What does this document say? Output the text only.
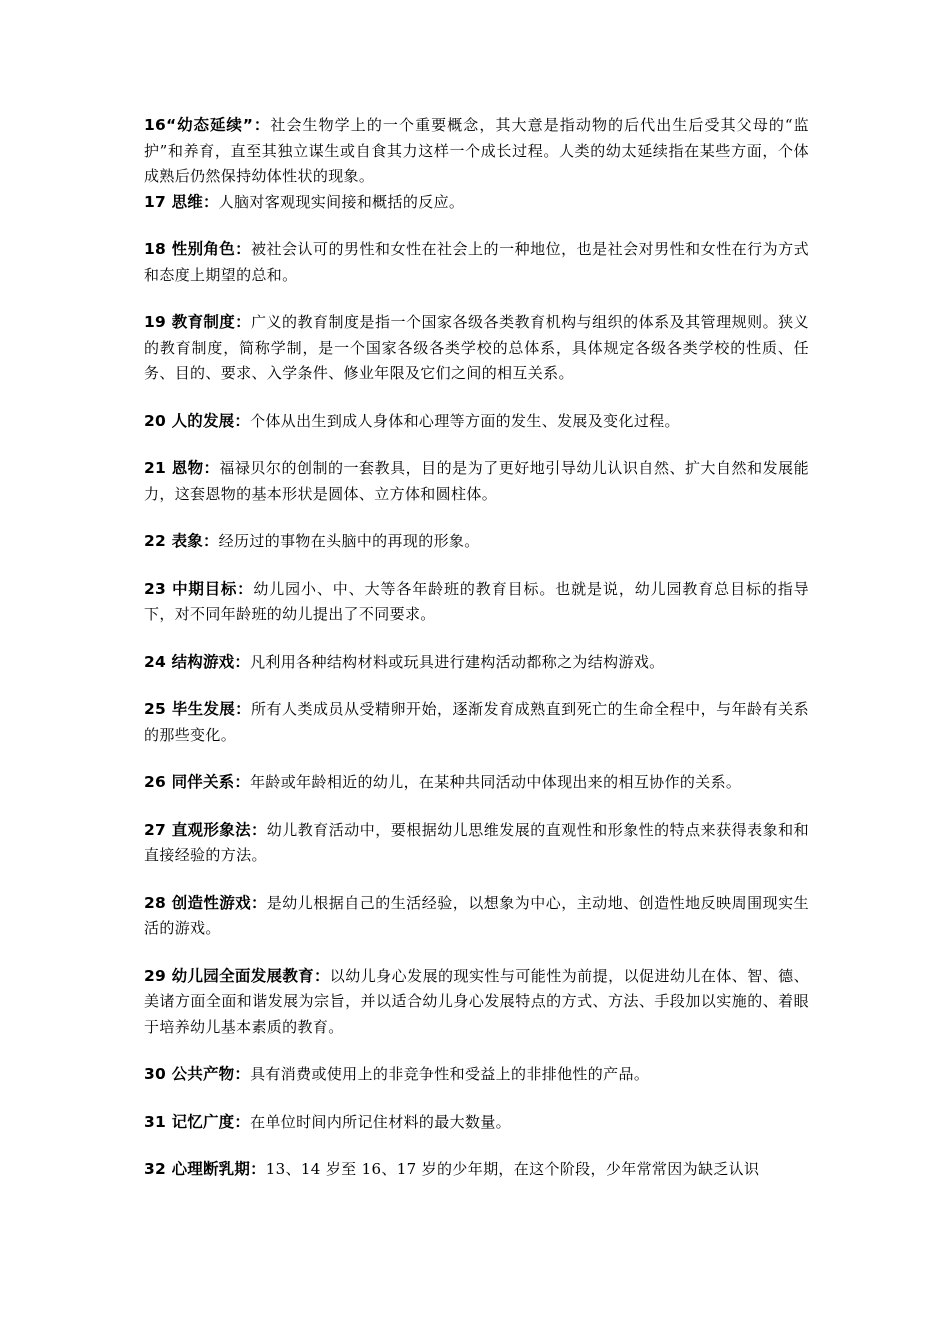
16“幼态延续”：社会生物学上的一个重要概念，其大意是指动物的后代出生后受其父母的“监护”和养育，直至其独立谋生或自食其力这样一个成长过程。人类的幼太延续指在某些方面，个体成熟后仍然保持幼体性状的现象。

17 思维：人脑对客观现实间接和概括的反应。

18 性别角色：被社会认可的男性和女性在社会上的一种地位，也是社会对男性和女性在行为方式和态度上期望的总和。

19 教育制度：广义的教育制度是指一个国家各级各类教育机构与组织的体系及其管理规则。狭义的教育制度，简称学制，是一个国家各级各类学校的总体系，具体规定各级各类学校的性质、任务、目的、要求、入学条件、修业年限及它们之间的相互关系。

20 人的发展：个体从出生到成人身体和心理等方面的发生、发展及变化过程。

21 恩物：福禄贝尔的创制的一套教具，目的是为了更好地引导幼儿认识自然、扩大自然和发展能力，这套恩物的基本形状是圆体、立方体和圆柱体。

22 表象：经历过的事物在头脑中的再现的形象。

23 中期目标：幼儿园小、中、大等各年龄班的教育目标。也就是说，幼儿园教育总目标的指导下，对不同年龄班的幼儿提出了不同要求。

24 结构游戏：凡利用各种结构材料或玩具进行建构活动都称之为结构游戏。

25 毕生发展：所有人类成员从受精卵开始，逐渐发育成熟直到死亡的生命全程中，与年龄有关系的那些变化。

26 同伴关系：年龄或年龄相近的幼儿，在某种共同活动中体现出来的相互协作的关系。

27 直观形象法：幼儿教育活动中，要根据幼儿思维发展的直观性和形象性的特点来获得表象和和直接经验的方法。

28 创造性游戏：是幼儿根据自己的生活经验，以想象为中心，主动地、创造性地反映周围现实生活的游戏。

29 幼儿园全面发展教育：以幼儿身心发展的现实性与可能性为前提，以促进幼儿在体、智、德、美诸方面全面和谐发展为宗旨，并以适合幼儿身心发展特点的方式、方法、手段加以实施的、着眼于培养幼儿基本素质的教育。

30 公共产物：具有消费或使用上的非竞争性和受益上的非排他性的产品。

31 记忆广度：在单位时间内所记住材料的最大数量。

32 心理断乳期：13、14 岁至 16、17 岁的少年期，在这个阶段，少年常常因为缺乏认识
